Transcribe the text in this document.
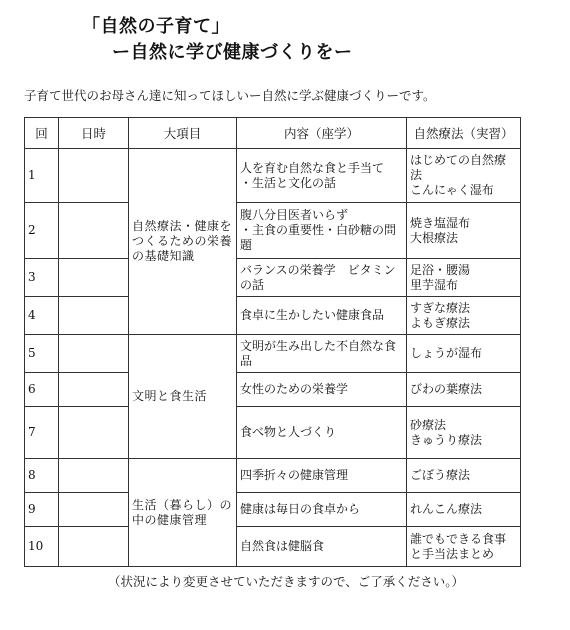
「自然の子育て」
ー自然に学び健康づくりをー
子育て世代のお母さん達に知ってほしいー自然に学ぶ健康づくりーです。
回	日時	大項目	内容（座学）	自然療法（実習）
1		自然療法・健康をつくるための栄養の基礎知識	人を育む自然な食と手当て
・生活と文化の話	はじめての自然療法
こんにゃく湿布
2			腹八分目医者いらず
・主食の重要性・白砂糖の問題	焼き塩湿布
大根療法
3			バランスの栄養学　ビタミンの話	足浴・腰湯
里芋湿布
4			食卓に生かしたい健康食品	すぎな療法
よもぎ療法
5		文明と食生活	文明が生み出した不自然な食品	しょうが湿布
6			女性のための栄養学	びわの葉療法
7			食べ物と人づくり	砂療法
きゅうり療法
8		生活（暮らし）の中の健康管理	四季折々の健康管理	ごぼう療法
9			健康は毎日の食卓から	れんこん療法
10			自然食は健脳食	誰でもできる食事と手当法まとめ
（状況により変更させていただきますので、ご了承ください。）
